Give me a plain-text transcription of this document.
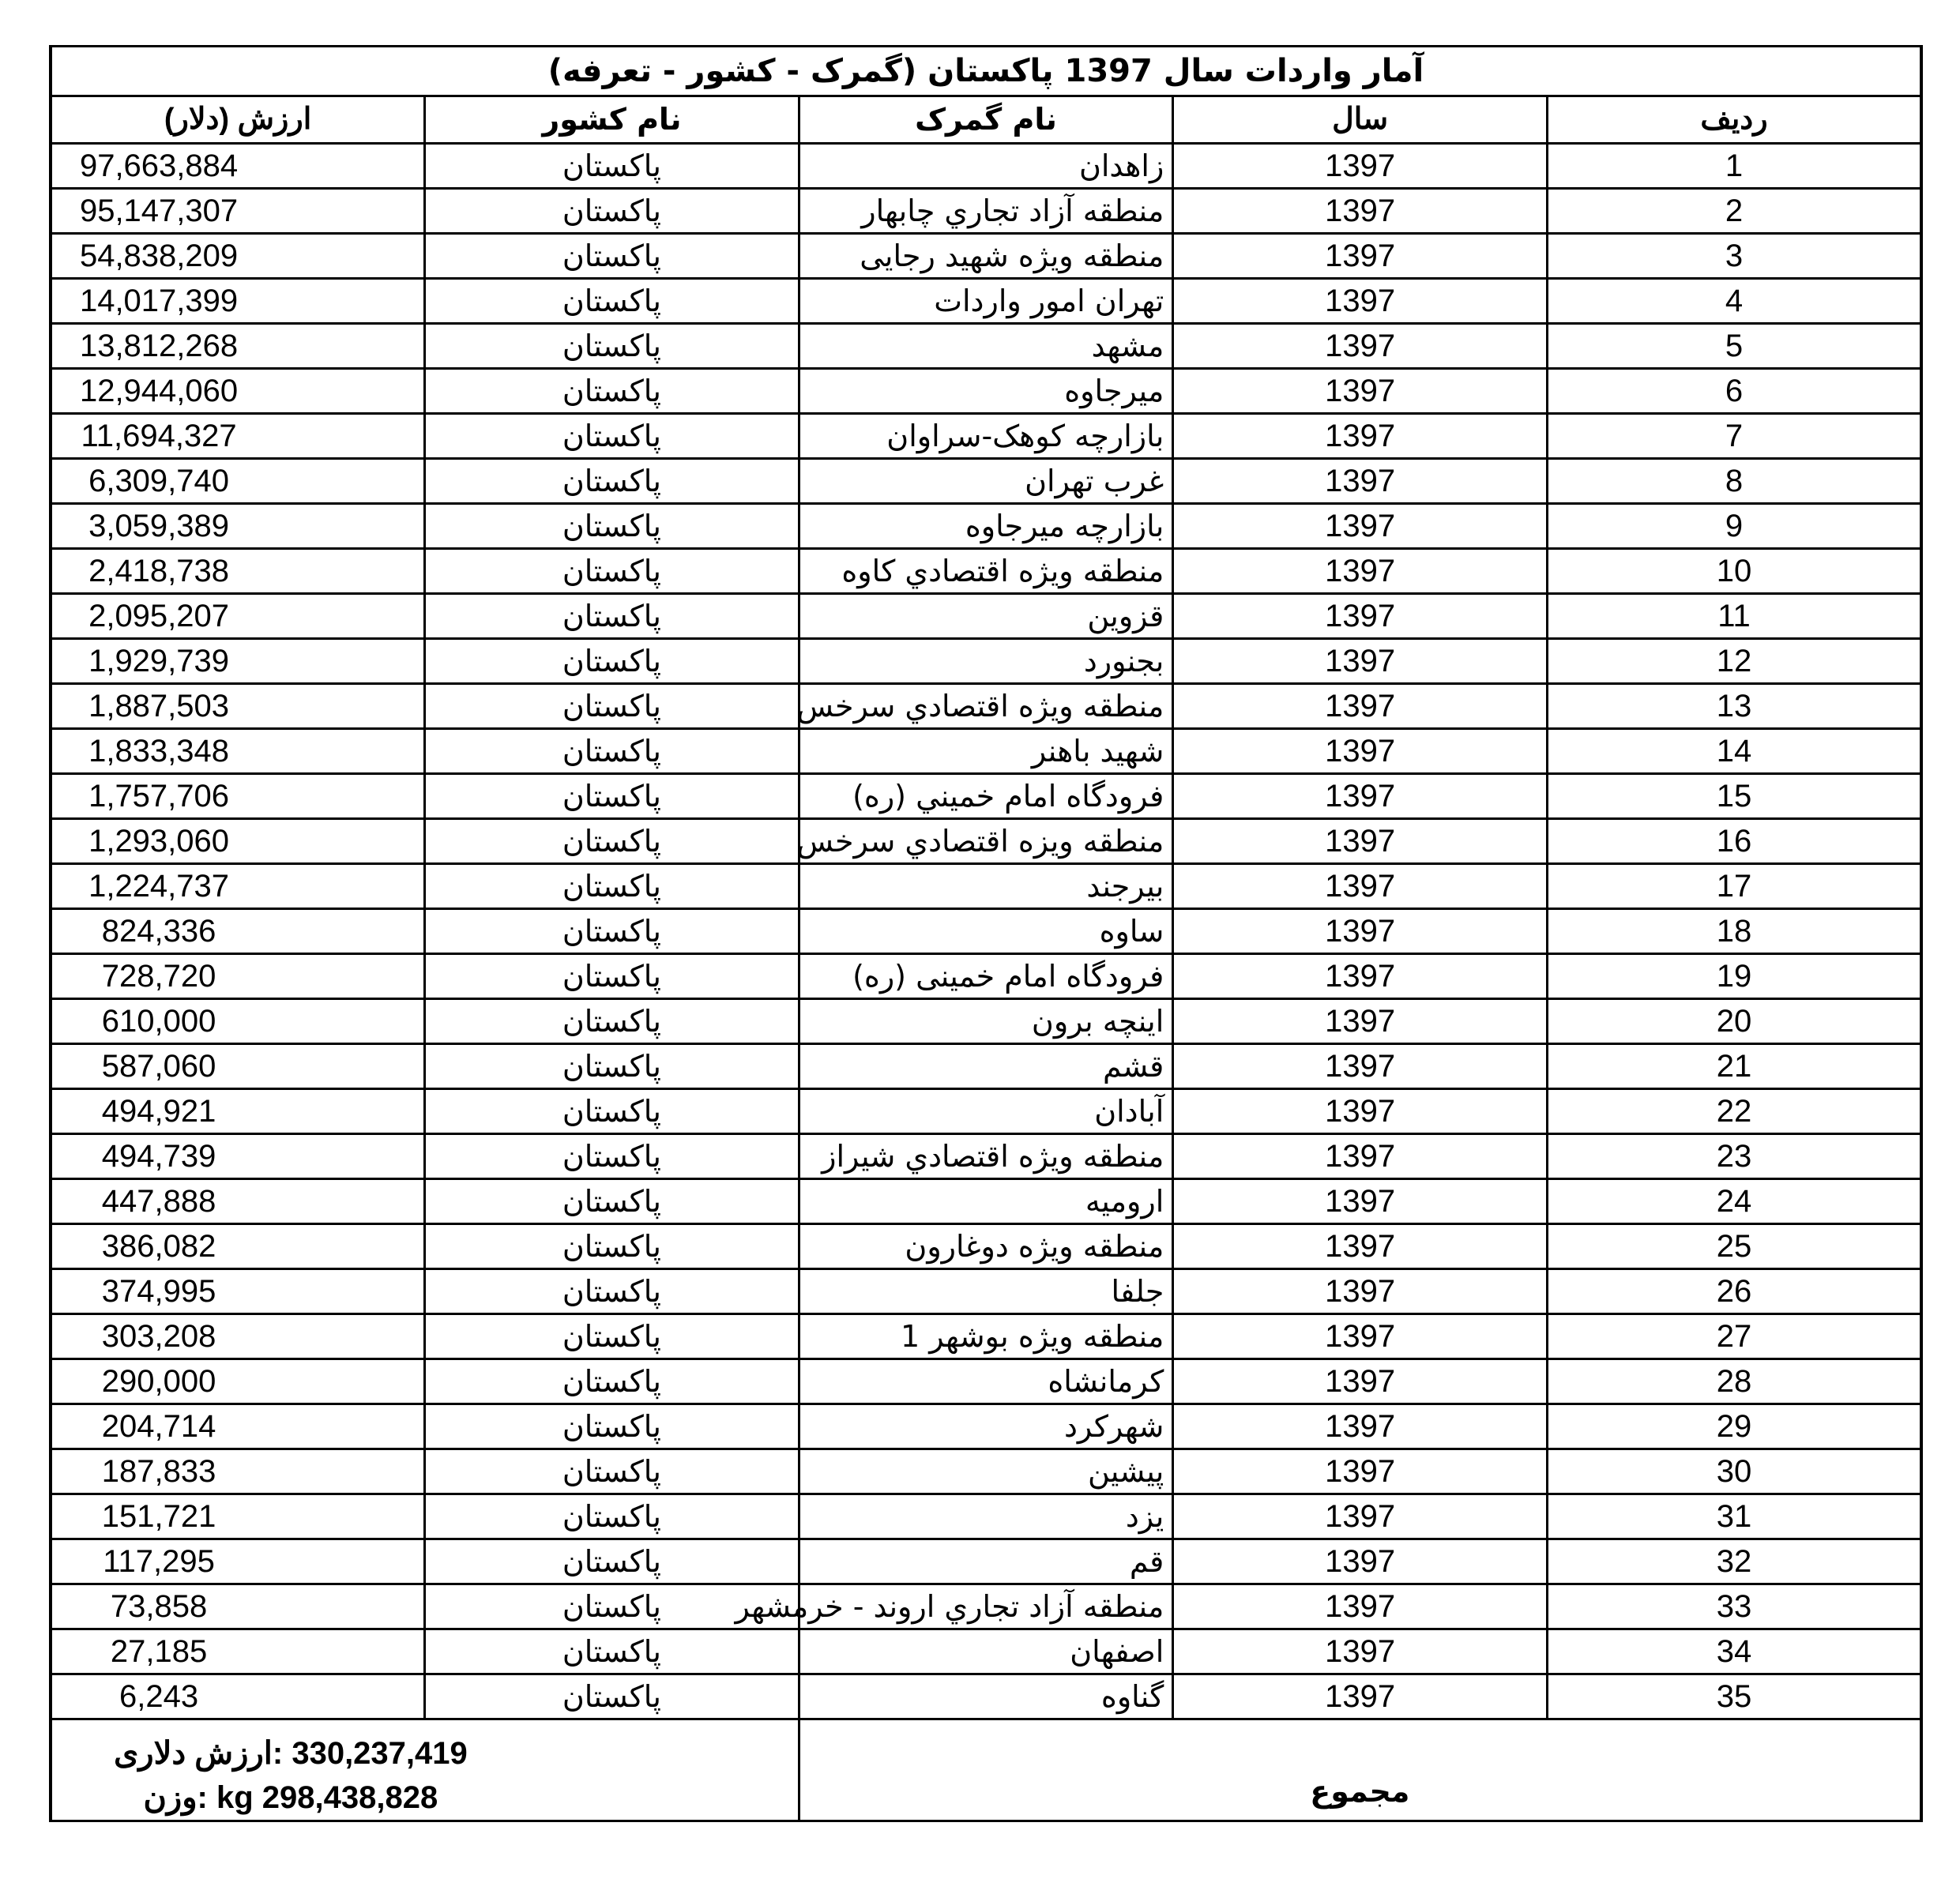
آمار واردات سال 1397 پاکستان (گمرک - کشور - تعرفه)				
رديف	سال	نام گمرک	نام کشور	ارزش (دلار)
1	1397	زاهدان	پاکستان	97,663,884
2	1397	منطقه آزاد تجاري چابهار	پاکستان	95,147,307
3	1397	منطقه ویژه شهید رجایی	پاکستان	54,838,209
4	1397	تهران امور واردات	پاکستان	14,017,399
5	1397	مشهد	پاکستان	13,812,268
6	1397	ميرجاوه	پاکستان	12,944,060
7	1397	بازارچه کوهک-سراوان	پاکستان	11,694,327
8	1397	غرب تهران	پاکستان	6,309,740
9	1397	بازارچه ميرجاوه	پاکستان	3,059,389
10	1397	منطقه ويژه اقتصادي کاوه	پاکستان	2,418,738
11	1397	قزوين	پاکستان	2,095,207
12	1397	بجنورد	پاکستان	1,929,739
13	1397	منطقه ويژه اقتصادي سرخس	پاکستان	1,887,503
14	1397	شهيد باهنر	پاکستان	1,833,348
15	1397	فرودگاه امام خميني (ره)	پاکستان	1,757,706
16	1397	منطقه ويزه اقتصادي سرخس	پاکستان	1,293,060
17	1397	بيرجند	پاکستان	1,224,737
18	1397	ساوه	پاکستان	824,336
19	1397	فرودگاه امام خمینی (ره)	پاکستان	728,720
20	1397	اينچه برون	پاکستان	610,000
21	1397	قشم	پاکستان	587,060
22	1397	آبادان	پاکستان	494,921
23	1397	منطقه ويژه اقتصادي شيراز	پاکستان	494,739
24	1397	اروميه	پاکستان	447,888
25	1397	منطقه ويژه دوغارون	پاکستان	386,082
26	1397	جلفا	پاکستان	374,995
27	1397	منطقه ويژه بوشهر 1	پاکستان	303,208
28	1397	کرمانشاه	پاکستان	290,000
29	1397	شهرکرد	پاکستان	204,714
30	1397	پيشين	پاکستان	187,833
31	1397	يزد	پاکستان	151,721
32	1397	قم	پاکستان	117,295
33	1397	منطقه آزاد تجاري اروند - خرمشهر	پاکستان	73,858
34	1397	اصفهان	پاکستان	27,185
35	1397	گناوه	پاکستان	6,243
مجموع			ارزش دلاری: 330,237,419
وزن: kg 298,438,828	
